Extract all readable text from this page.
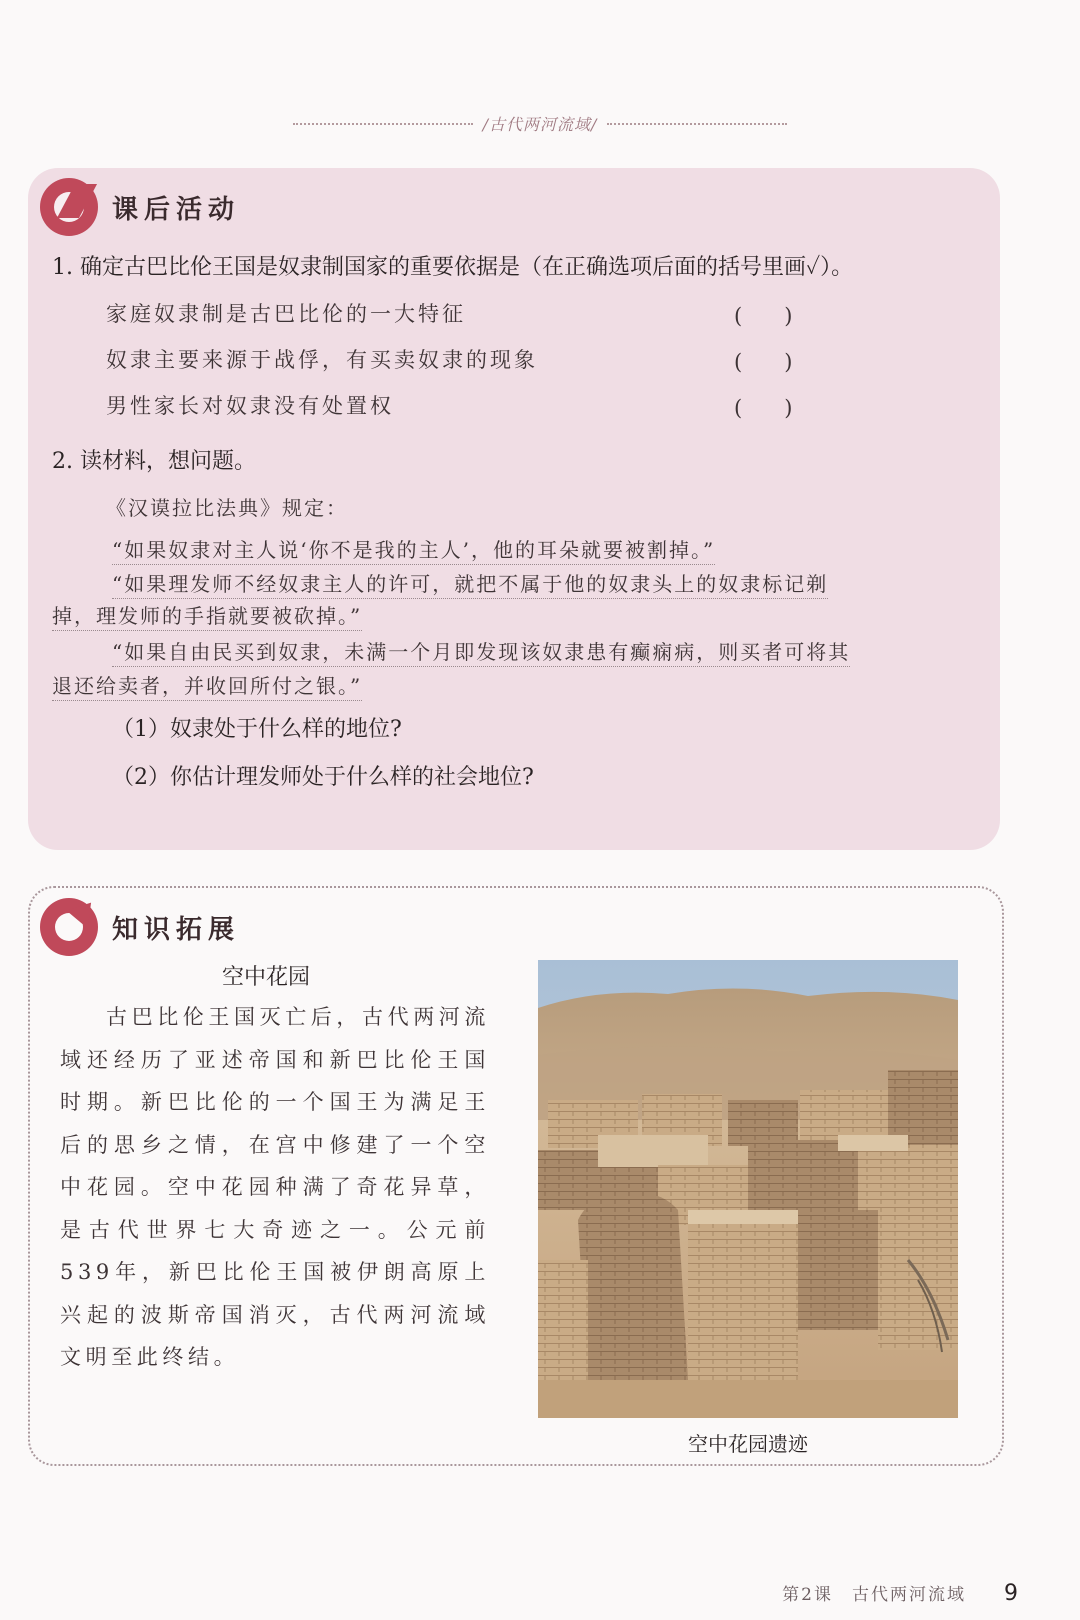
/古代两河流域/
课后活动
1. 确定古巴比伦王国是奴隶制国家的重要依据是（在正确选项后面的括号里画✓）。
家庭奴隶制是古巴比伦的一大特征	(　　)
奴隶主要来源于战俘，有买卖奴隶的现象	(　　)
男性家长对奴隶没有处置权	(　　)
2. 读材料，想问题。
《汉谟拉比法典》规定：
“如果奴隶对主人说‘你不是我的主人’，他的耳朵就要被割掉。”
“如果理发师不经奴隶主人的许可，就把不属于他的奴隶头上的奴隶标记剃
掉，理发师的手指就要被砍掉。”
“如果自由民买到奴隶，未满一个月即发现该奴隶患有癫痫病，则买者可将其
退还给卖者，并收回所付之银。”
（1）奴隶处于什么样的地位?
（2）你估计理发师处于什么样的社会地位?
知识拓展
空中花园
古巴比伦王国灭亡后，古代两河流域还经历了亚述帝国和新巴比伦王国时期。新巴比伦的一个国王为满足王后的思乡之情，在宫中修建了一个空中花园。空中花园种满了奇花异草，是古代世界七大奇迹之一。公元前539年，新巴比伦王国被伊朗高原上兴起的波斯帝国消灭，古代两河流域文明至此终结。
空中花园遗迹
第2课　古代两河流域 9
